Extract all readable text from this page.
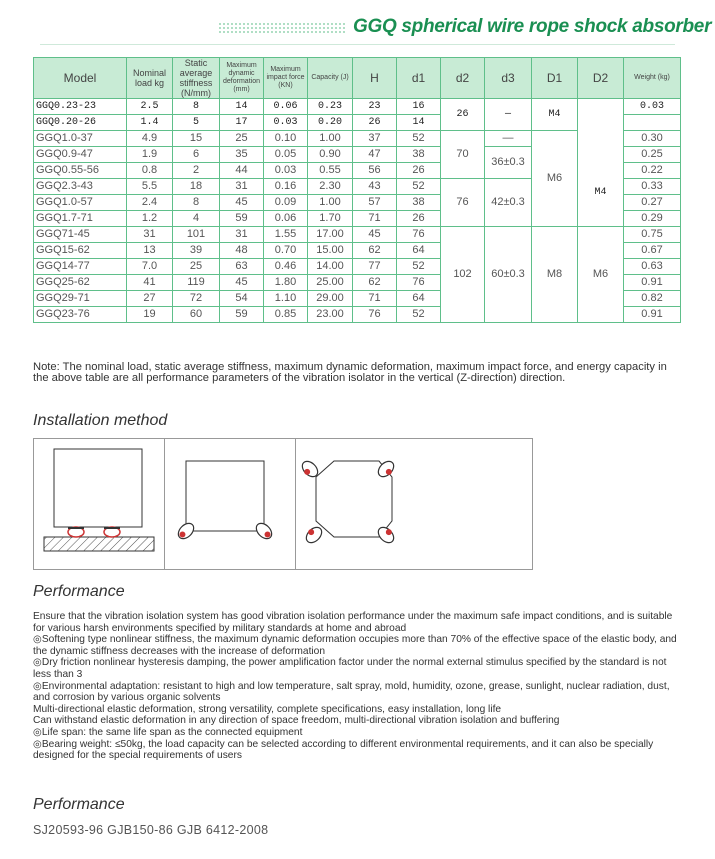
GGQ spherical wire rope shock absorber
Model	Nominal load kg	Static average stiffness (N/mm)	Maximum dynamic deformation (mm)	Maximum impact force (KN)	Capacity (J)	H	d1	d2	d3	D1	D2	Weight (kg)
GGQ0.23-23	2.5	8	14	0.06	0.23	23	16	26	—	M4	M4	0.03
GGQ0.20-26	1.4	5	17	0.03	0.20	26	14					
GGQ1.0-37	4.9	15	25	0.10	1.00	37	52	70	—	M6		0.30
GGQ0.9-47	1.9	6	35	0.05	0.90	47	38		36±0.3			0.25
GGQ0.55-56	0.8	2	44	0.03	0.55	56	26					0.22
GGQ2.3-43	5.5	18	31	0.16	2.30	43	52	76	42±0.3			0.33
GGQ1.0-57	2.4	8	45	0.09	1.00	57	38					0.27
GGQ1.7-71	1.2	4	59	0.06	1.70	71	26					0.29
GGQ71-45	31	101	31	1.55	17.00	45	76	102	60±0.3	M8	M6	0.75
GGQ15-62	13	39	48	0.70	15.00	62	64					0.67
GGQ14-77	7.0	25	63	0.46	14.00	77	52					0.63
GGQ25-62	41	119	45	1.80	25.00	62	76					0.91
GGQ29-71	27	72	54	1.10	29.00	71	64					0.82
GGQ23-76	19	60	59	0.85	23.00	76	52					0.91
Note: The nominal load, static average stiffness, maximum dynamic deformation, maximum impact force, and energy capacity in the above table are all performance parameters of the vibration isolator in the vertical (Z-direction) direction.
Installation method
Performance

Ensure that the vibration isolation system has good vibration isolation performance under the maximum safe impact conditions, and is suitable for various harsh environments specified by military standards at home and abroad

◎Softening type nonlinear stiffness, the maximum dynamic deformation occupies more than 70% of the effective space of the elastic body, and the dynamic stiffness decreases with the increase of deformation

◎Dry friction nonlinear hysteresis damping, the power amplification factor under the normal external stimulus specified by the standard is not less than 3

◎Environmental adaptation: resistant to high and low temperature, salt spray, mold, humidity, ozone, grease, sunlight, nuclear radiation, dust, and corrosion by various organic solvents

Multi-directional elastic deformation, strong versatility, complete specifications, easy installation, long life

Can withstand elastic deformation in any direction of space freedom, multi-directional vibration isolation and buffering

◎Life span: the same life span as the connected equipment

◎Bearing weight: ≤50kg, the load capacity can be selected according to different environmental requirements, and it can also be specially designed for the special requirements of users

Performance
SJ20593-96 GJB150-86 GJB 6412-2008
